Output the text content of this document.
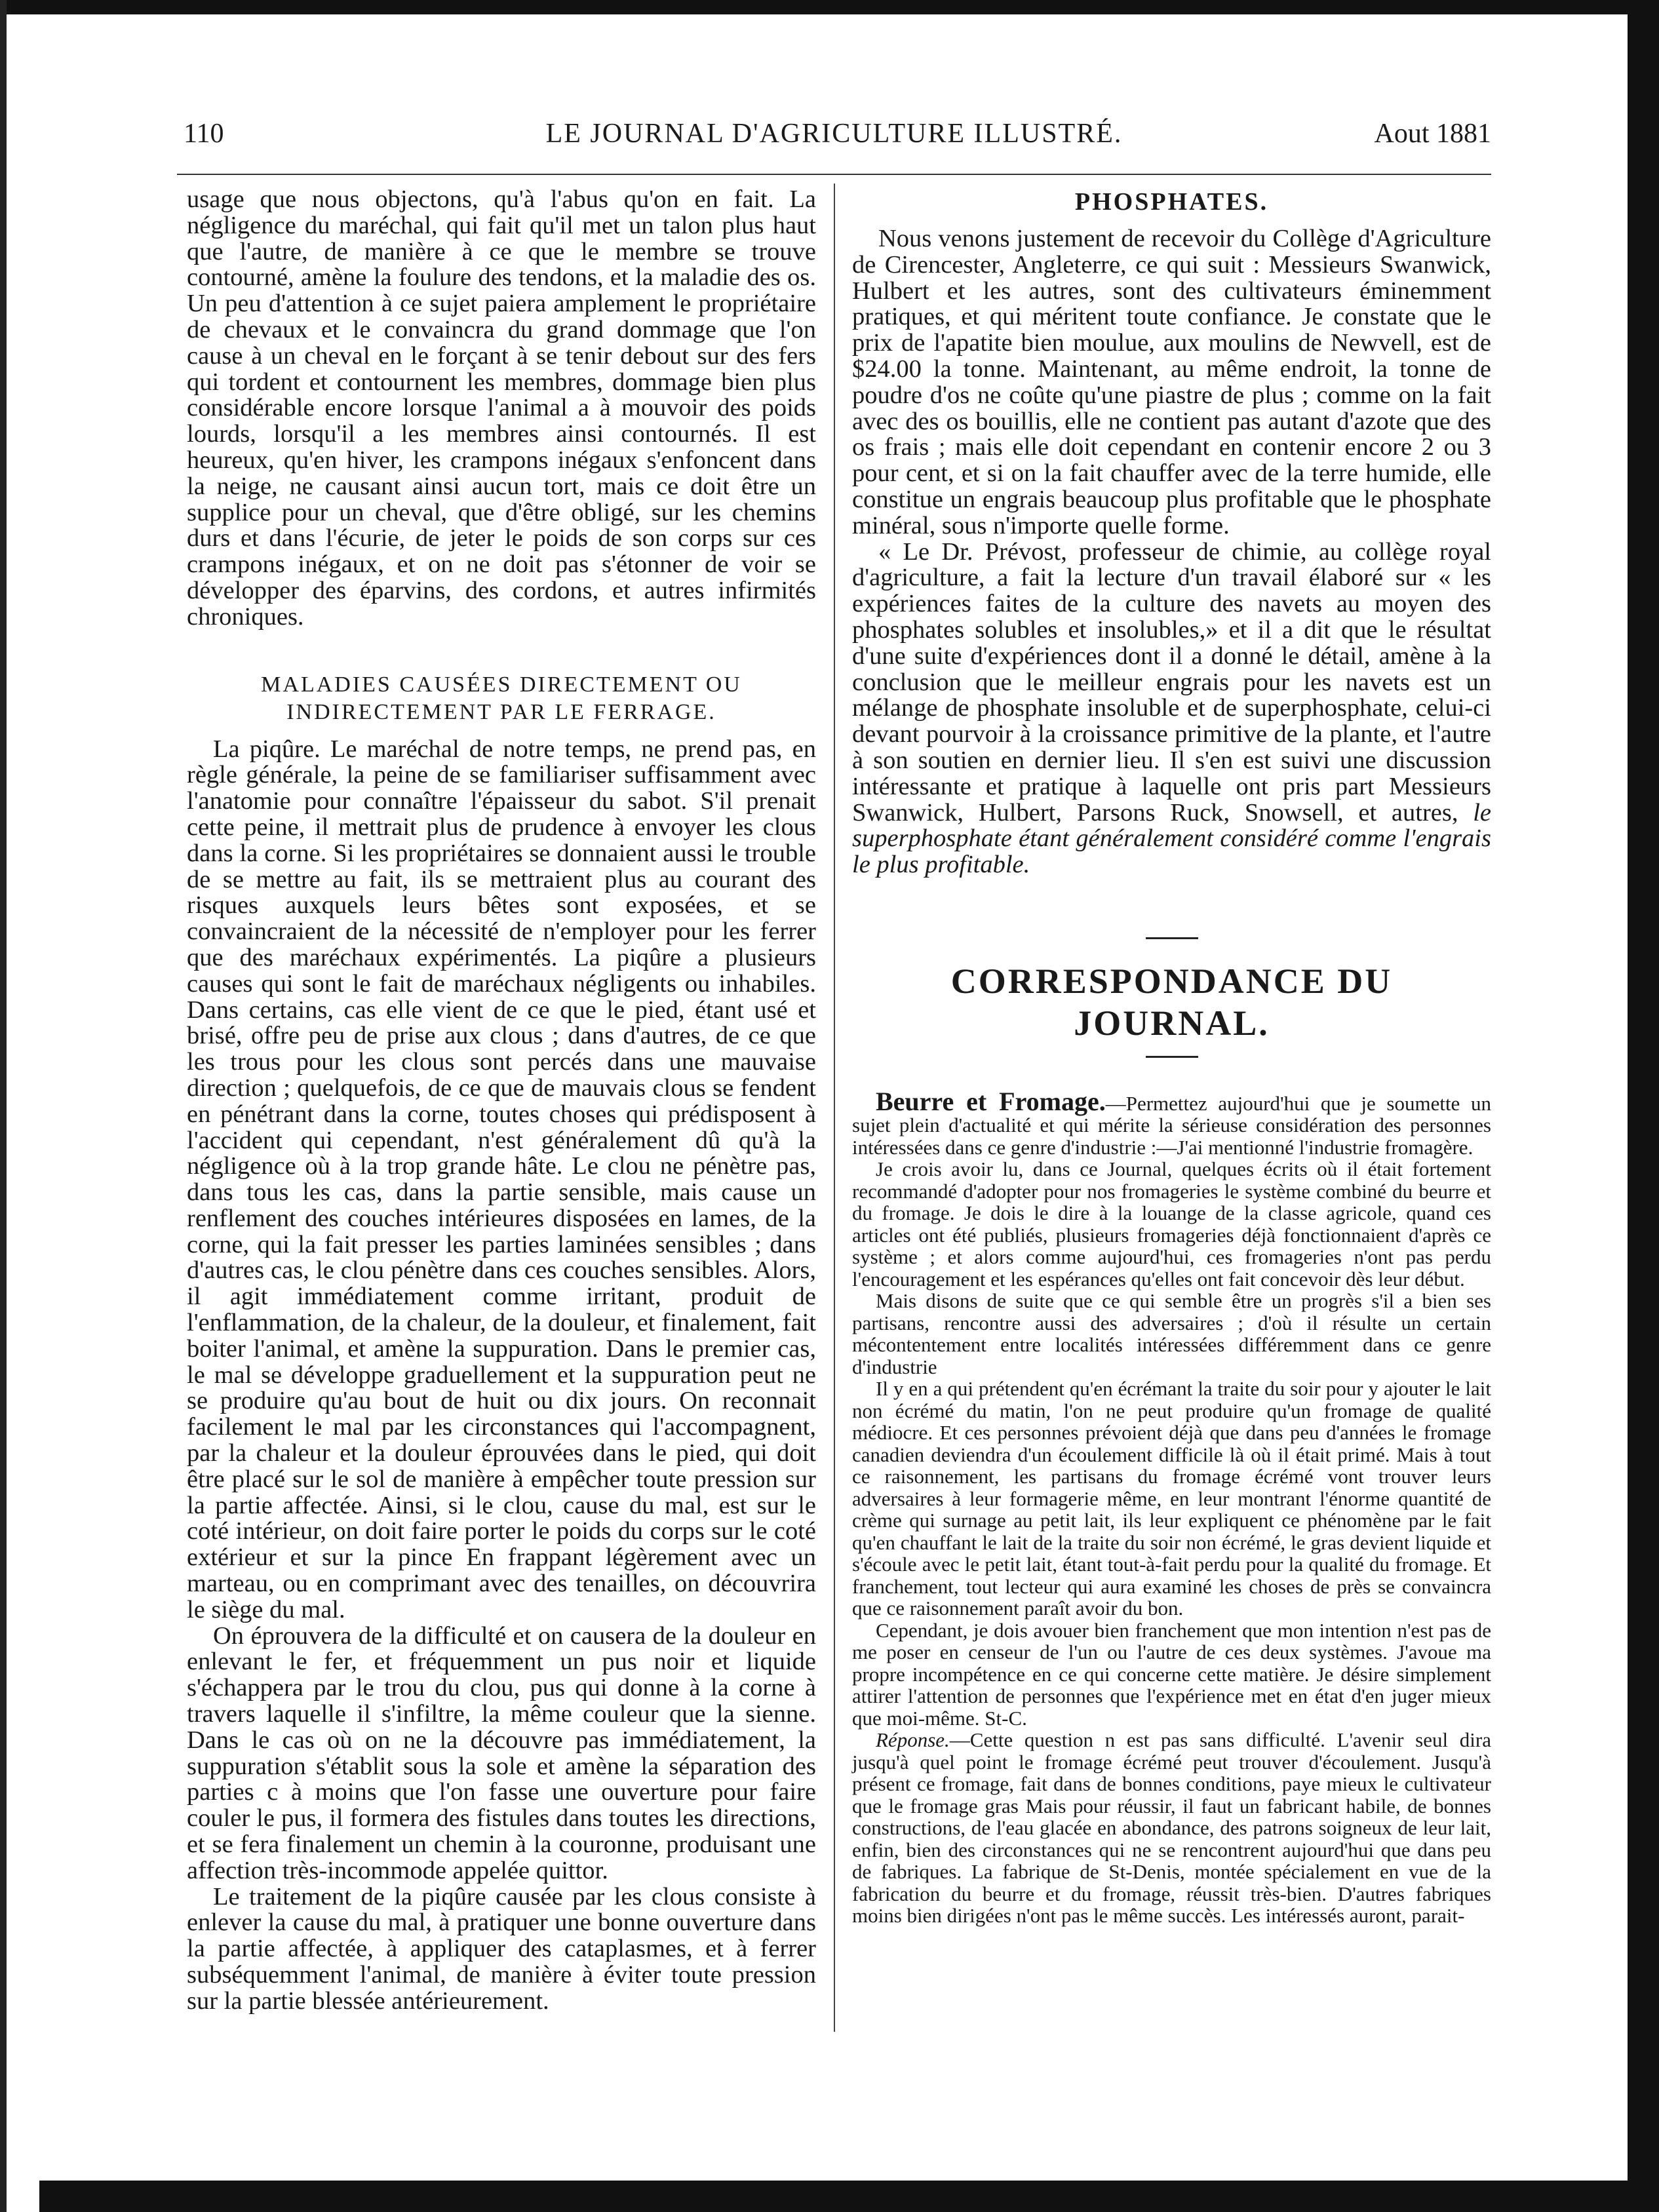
110	LE JOURNAL D'AGRICULTURE ILLUSTRÉ.	Aout 1881

usage que nous objectons, qu'à l'abus qu'on en fait. La négligence du maréchal, qui fait qu'il met un talon plus haut que l'autre, de manière à ce que le membre se trouve contourné, amène la foulure des tendons, et la maladie des os. Un peu d'attention à ce sujet paiera amplement le propriétaire de chevaux et le convaincra du grand dommage que l'on cause à un cheval en le forçant à se tenir debout sur des fers qui tordent et contournent les membres, dommage bien plus considérable encore lorsque l'animal a à mouvoir des poids lourds, lorsqu'il a les membres ainsi contournés. Il est heureux, qu'en hiver, les crampons inégaux s'enfoncent dans la neige, ne causant ainsi aucun tort, mais ce doit être un supplice pour un cheval, que d'être obligé, sur les chemins durs et dans l'écurie, de jeter le poids de son corps sur ces crampons inégaux, et on ne doit pas s'étonner de voir se développer des éparvins, des cordons, et autres infirmités chroniques.

MALADIES CAUSÉES DIRECTEMENT OU INDIRECTEMENT PAR LE FERRAGE.

La piqûre. Le maréchal de notre temps, ne prend pas, en règle générale, la peine de se familiariser suffisamment avec l'anatomie pour connaître l'épaisseur du sabot. S'il prenait cette peine, il mettrait plus de prudence à envoyer les clous dans la corne. Si les propriétaires se donnaient aussi le trouble de se mettre au fait, ils se mettraient plus au courant des risques auxquels leurs bêtes sont exposées, et se convaincraient de la nécessité de n'employer pour les ferrer que des maréchaux expérimentés. La piqûre a plusieurs causes qui sont le fait de maréchaux négligents ou inhabiles. Dans certains, cas elle vient de ce que le pied, étant usé et brisé, offre peu de prise aux clous ; dans d'autres, de ce que les trous pour les clous sont percés dans une mauvaise direction ; quelquefois, de ce que de mauvais clous se fendent en pénétrant dans la corne, toutes choses qui prédisposent à l'accident qui cependant, n'est généralement dû qu'à la négligence où à la trop grande hâte. Le clou ne pénètre pas, dans tous les cas, dans la partie sensible, mais cause un renflement des couches intérieures disposées en lames, de la corne, qui la fait presser les parties laminées sensibles ; dans d'autres cas, le clou pénètre dans ces couches sensibles. Alors, il agit immédiatement comme irritant, produit de l'enflammation, de la chaleur, de la douleur, et finalement, fait boiter l'animal, et amène la suppuration. Dans le premier cas, le mal se développe graduellement et la suppuration peut ne se produire qu'au bout de huit ou dix jours. On reconnait facilement le mal par les circonstances qui l'accompagnent, par la chaleur et la douleur éprouvées dans le pied, qui doit être placé sur le sol de manière à empêcher toute pression sur la partie affectée. Ainsi, si le clou, cause du mal, est sur le coté intérieur, on doit faire porter le poids du corps sur le coté extérieur et sur la pince En frappant légèrement avec un marteau, ou en comprimant avec des tenailles, on découvrira le siège du mal.

On éprouvera de la difficulté et on causera de la douleur en enlevant le fer, et fréquemment un pus noir et liquide s'échappera par le trou du clou, pus qui donne à la corne à travers laquelle il s'infiltre, la même couleur que la sienne. Dans le cas où on ne la découvre pas immédiatement, la suppuration s'établit sous la sole et amène la séparation des parties c à moins que l'on fasse une ouverture pour faire couler le pus, il formera des fistules dans toutes les directions, et se fera finalement un chemin à la couronne, produisant une affection très-incommode appelée quittor.

Le traitement de la piqûre causée par les clous consiste à enlever la cause du mal, à pratiquer une bonne ouverture dans la partie affectée, à appliquer des cataplasmes, et à ferrer subséquemment l'animal, de manière à éviter toute pression sur la partie blessée antérieurement.

PHOSPHATES.

Nous venons justement de recevoir du Collège d'Agriculture de Cirencester, Angleterre, ce qui suit : Messieurs Swanwick, Hulbert et les autres, sont des cultivateurs éminemment pratiques, et qui méritent toute confiance. Je constate que le prix de l'apatite bien moulue, aux moulins de Newvell, est de $24.00 la tonne. Maintenant, au même endroit, la tonne de poudre d'os ne coûte qu'une piastre de plus ; comme on la fait avec des os bouillis, elle ne contient pas autant d'azote que des os frais ; mais elle doit cependant en contenir encore 2 ou 3 pour cent, et si on la fait chauffer avec de la terre humide, elle constitue un engrais beaucoup plus profitable que le phosphate minéral, sous n'importe quelle forme.

« Le Dr. Prévost, professeur de chimie, au collège royal d'agriculture, a fait la lecture d'un travail élaboré sur « les expériences faites de la culture des navets au moyen des phosphates solubles et insolubles,» et il a dit que le résultat d'une suite d'expériences dont il a donné le détail, amène à la conclusion que le meilleur engrais pour les navets est un mélange de phosphate insoluble et de superphosphate, celui-ci devant pourvoir à la croissance primitive de la plante, et l'autre à son soutien en dernier lieu. Il s'en est suivi une discussion intéressante et pratique à laquelle ont pris part Messieurs Swanwick, Hulbert, Parsons Ruck, Snowsell, et autres, le superphosphate étant généralement considéré comme l'engrais le plus profitable.

CORRESPONDANCE DU JOURNAL.

Beurre et Fromage.—Permettez aujourd'hui que je soumette un sujet plein d'actualité et qui mérite la sérieuse considération des personnes intéressées dans ce genre d'industrie :—J'ai mentionné l'industrie fromagère.

Je crois avoir lu, dans ce Journal, quelques écrits où il était fortement recommandé d'adopter pour nos fromageries le système combiné du beurre et du fromage. Je dois le dire à la louange de la classe agricole, quand ces articles ont été publiés, plusieurs fromageries déjà fonctionnaient d'après ce système ; et alors comme aujourd'hui, ces fromageries n'ont pas perdu l'encouragement et les espérances qu'elles ont fait concevoir dès leur début.

Mais disons de suite que ce qui semble être un progrès s'il a bien ses partisans, rencontre aussi des adversaires ; d'où il résulte un certain mécontentement entre localités intéressées différemment dans ce genre d'industrie

Il y en a qui prétendent qu'en écrémant la traite du soir pour y ajouter le lait non écrémé du matin, l'on ne peut produire qu'un fromage de qualité médiocre. Et ces personnes prévoient déjà que dans peu d'années le fromage canadien deviendra d'un écoulement difficile là où il était primé. Mais à tout ce raisonnement, les partisans du fromage écrémé vont trouver leurs adversaires à leur formagerie même, en leur montrant l'énorme quantité de crème qui surnage au petit lait, ils leur expliquent ce phénomène par le fait qu'en chauffant le lait de la traite du soir non écrémé, le gras devient liquide et s'écoule avec le petit lait, étant tout-à-fait perdu pour la qualité du fromage. Et franchement, tout lecteur qui aura examiné les choses de près se convaincra que ce raisonnement paraît avoir du bon.

Cependant, je dois avouer bien franchement que mon intention n'est pas de me poser en censeur de l'un ou l'autre de ces deux systèmes. J'avoue ma propre incompétence en ce qui concerne cette matière. Je désire simplement attirer l'attention de personnes que l'expérience met en état d'en juger mieux que moi-même. St-C.

Réponse.—Cette question n est pas sans difficulté. L'avenir seul dira jusqu'à quel point le fromage écrémé peut trouver d'écoulement. Jusqu'à présent ce fromage, fait dans de bonnes conditions, paye mieux le cultivateur que le fromage gras Mais pour réussir, il faut un fabricant habile, de bonnes constructions, de l'eau glacée en abondance, des patrons soigneux de leur lait, enfin, bien des circonstances qui ne se rencontrent aujourd'hui que dans peu de fabriques. La fabrique de St-Denis, montée spécialement en vue de la fabrication du beurre et du fromage, réussit très-bien. D'autres fabriques moins bien dirigées n'ont pas le même succès. Les intéressés auront, parait-
